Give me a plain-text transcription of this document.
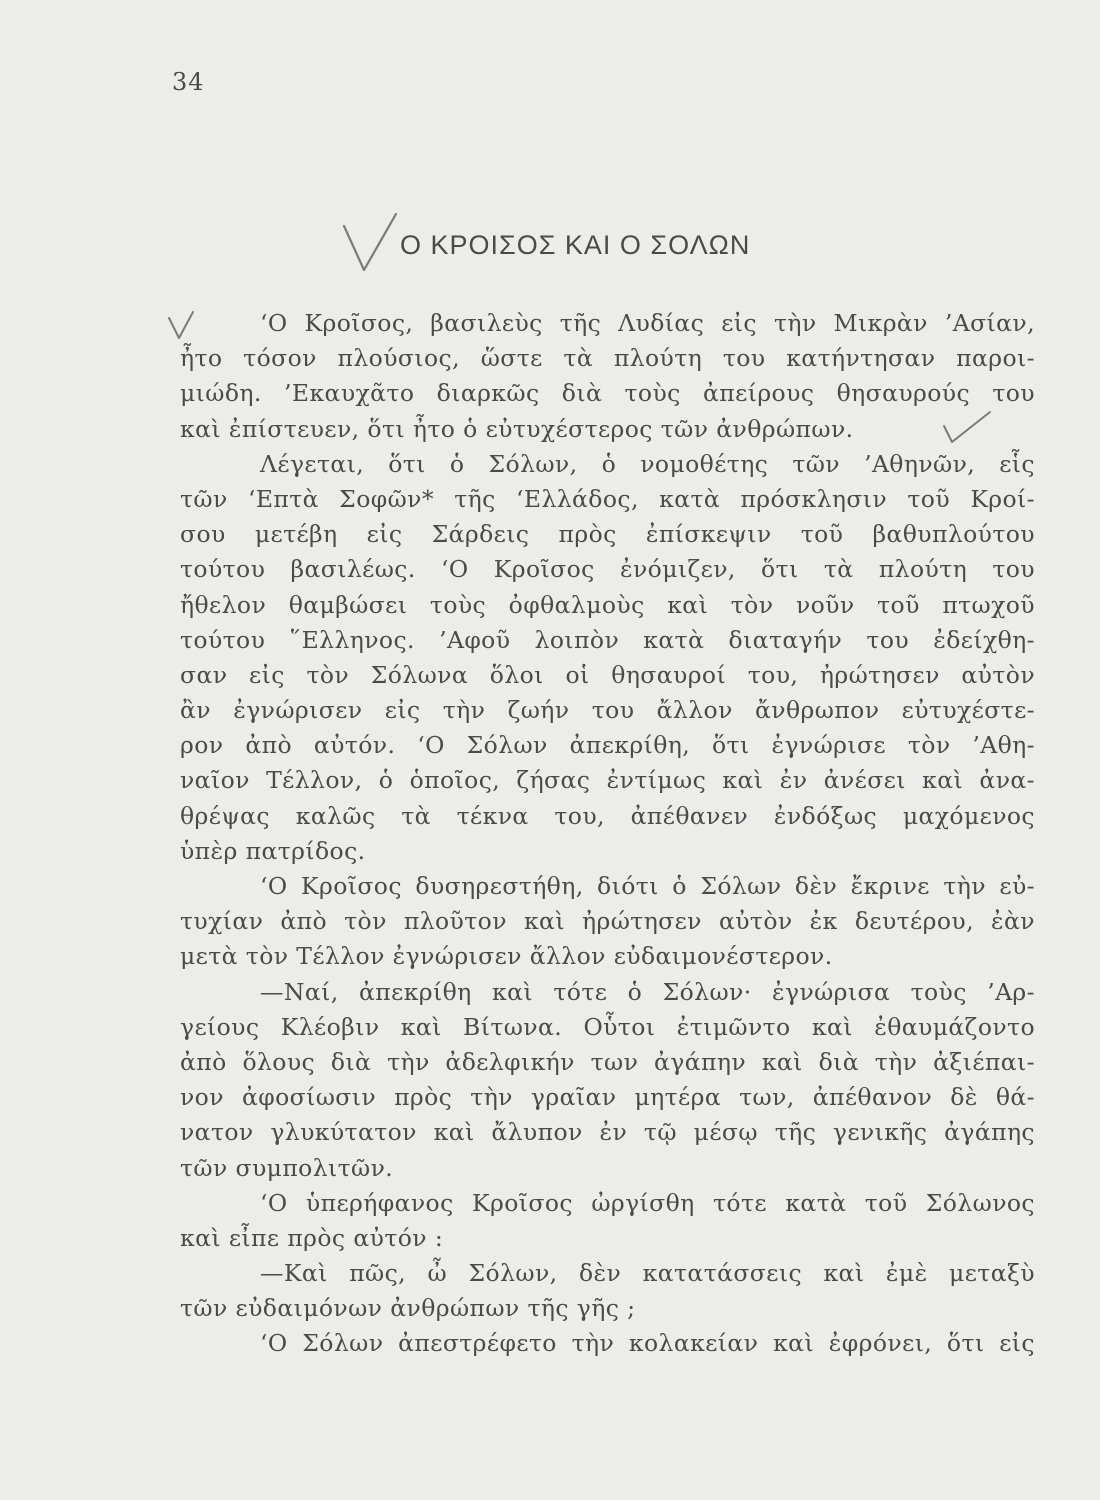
34
Ο ΚΡΟΙΣΟΣ ΚΑΙ Ο ΣΟΛΩΝ
‘Ο Κροῖσος, βασιλεὺς τῆς Λυδίας εἰς τὴν Μικρὰν ’Ασίαν,
ἦτο τόσον πλούσιος, ὥστε τὰ πλούτη του κατήντησαν παροι-
μιώδη. ’Εκαυχᾶτο διαρκῶς διὰ τοὺς ἀπείρους θησαυρούς του
καὶ ἐπίστευεν, ὅτι ἦτο ὁ εὐτυχέστερος τῶν ἀνθρώπων.
Λέγεται, ὅτι ὁ Σόλων, ὁ νομοθέτης τῶν ’Αθηνῶν, εἷς
τῶν ‘Επτὰ Σοφῶν* τῆς ‘Ελλάδος, κατὰ πρόσκλησιν τοῦ Κροί-
σου μετέβη εἰς Σάρδεις πρὸς ἐπίσκεψιν τοῦ βαθυπλούτου
τούτου βασιλέως. ‘Ο Κροῖσος ἐνόμιζεν, ὅτι τὰ πλούτη του
ἤθελον θαμβώσει τοὺς ὀφθαλμοὺς καὶ τὸν νοῦν τοῦ πτωχοῦ
τούτου ῞Ελληνος. ’Αφοῦ λοιπὸν κατὰ διαταγήν του ἐδείχθη-
σαν εἰς τὸν Σόλωνα ὅλοι οἱ θησαυροί του, ἠρώτησεν αὐτὸν
ἂν ἐγνώρισεν εἰς τὴν ζωήν του ἄλλον ἄνθρωπον εὐτυχέστε-
ρον ἀπὸ αὐτόν. ‘Ο Σόλων ἀπεκρίθη, ὅτι ἐγνώρισε τὸν ’Αθη-
ναῖον Τέλλον, ὁ ὁποῖος, ζήσας ἐντίμως καὶ ἐν ἀνέσει καὶ ἀνα-
θρέψας καλῶς τὰ τέκνα του, ἀπέθανεν ἐνδόξως μαχόμενος
ὑπὲρ πατρίδος.
‘Ο Κροῖσος δυσηρεστήθη, διότι ὁ Σόλων δὲν ἔκρινε τὴν εὐ-
τυχίαν ἀπὸ τὸν πλοῦτον καὶ ἠρώτησεν αὐτὸν ἐκ δευτέρου, ἐὰν
μετὰ τὸν Τέλλον ἐγνώρισεν ἄλλον εὐδαιμονέστερον.
—Ναί, ἀπεκρίθη καὶ τότε ὁ Σόλων· ἐγνώρισα τοὺς ’Αρ-
γείους Κλέοβιν καὶ Βίτωνα. Οὗτοι ἐτιμῶντο καὶ ἐθαυμάζοντο
ἀπὸ ὅλους διὰ τὴν ἀδελφικήν των ἀγάπην καὶ διὰ τὴν ἀξιέπαι-
νον ἀφοσίωσιν πρὸς τὴν γραῖαν μητέρα των, ἀπέθανον δὲ θά-
νατον γλυκύτατον καὶ ἄλυπον ἐν τῷ μέσῳ τῆς γενικῆς ἀγάπης
τῶν συμπολιτῶν.
‘Ο ὑπερήφανος Κροῖσος ὠργίσθη τότε κατὰ τοῦ Σόλωνος
καὶ εἶπε πρὸς αὐτόν :
—Καὶ πῶς, ὦ Σόλων, δὲν κατατάσσεις καὶ ἐμὲ μεταξὺ
τῶν εὐδαιμόνων ἀνθρώπων τῆς γῆς ;
‘Ο Σόλων ἀπεστρέφετο τὴν κολακείαν καὶ ἐφρόνει, ὅτι εἰς
